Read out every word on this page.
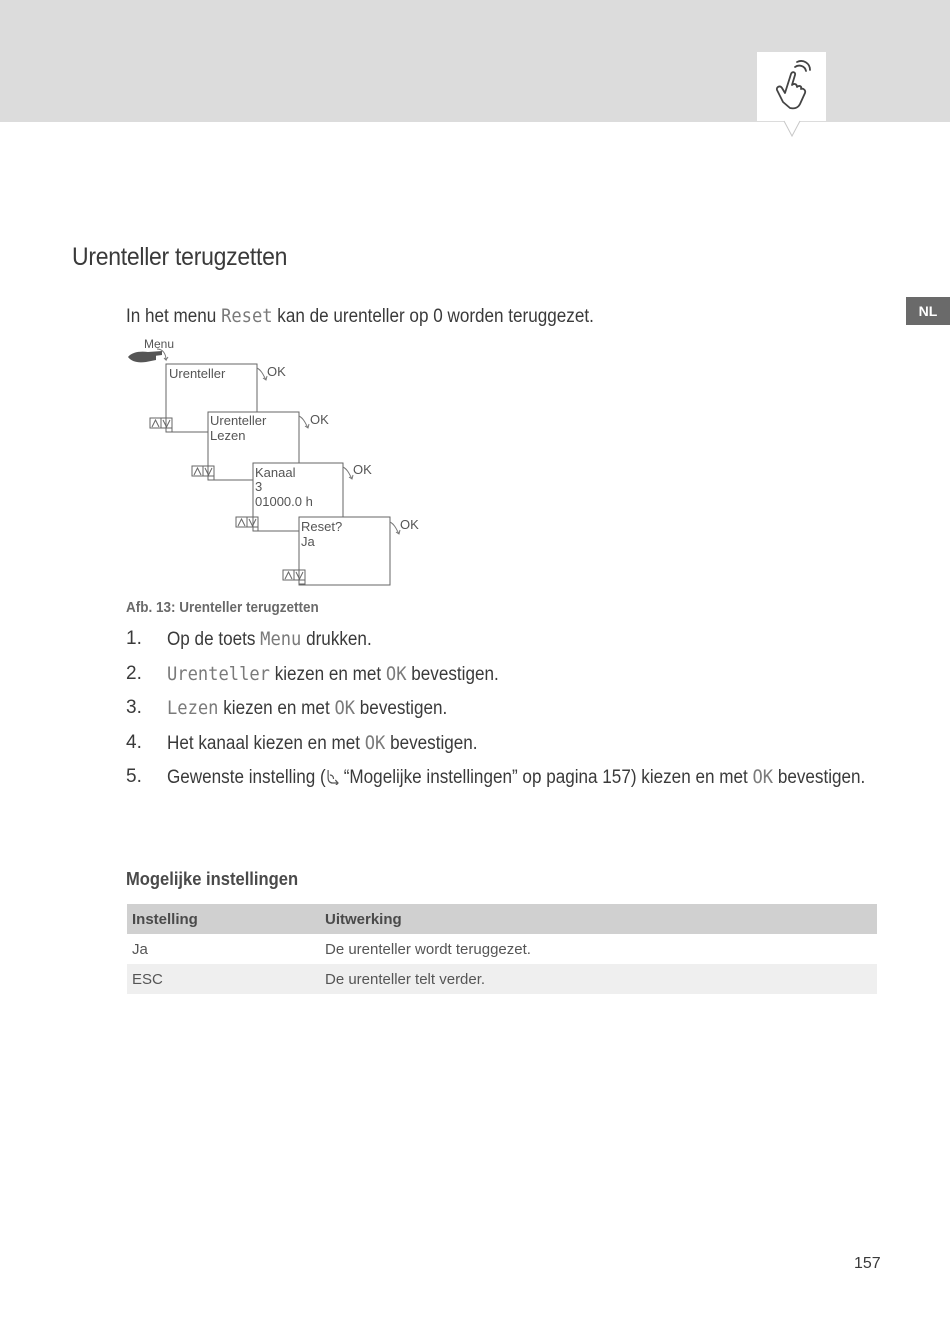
NL
Urenteller terugzetten
In het menu Reset kan de urenteller op 0 worden teruggezet.
Menu
Urenteller
Urenteller
Lezen
Kanaal
3
01000.0 h
Reset?
Ja
OK
OK
OK
OK
Afb. 13: Urenteller terugzetten
1. Op de toets Menu drukken.
2. Urenteller kiezen en met OK bevestigen.
3. Lezen kiezen en met OK bevestigen.
4. Het kanaal kiezen en met OK bevestigen.
5. Gewenste instelling ( “Mogelijke instellingen” op pagina 157) kiezen en met OK bevestigen.
Mogelijke instellingen
Instelling	Uitwerking
Ja	De urenteller wordt teruggezet.
ESC	De urenteller telt verder.
157
